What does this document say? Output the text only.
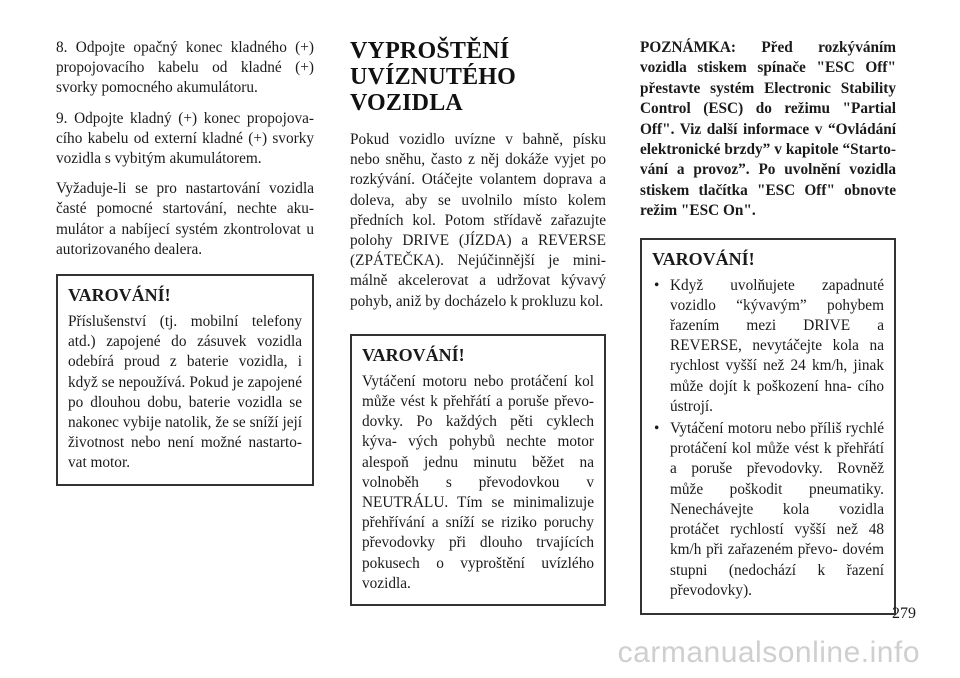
8. Odpojte opačný konec kladného (+) propojovacího kabelu od kladné (+) svorky pomocného akumulátoru.

9. Odpojte kladný (+) konec propojova- cího kabelu od externí kladné (+) svorky vozidla s vybitým akumulátorem.

Vyžaduje-li se pro nastartování vozidla časté pomocné startování, nechte aku- mulátor a nabíjecí systém zkontrolovat u autorizovaného dealera.

VAROVÁNÍ!

Příslušenství (tj. mobilní telefony atd.) zapojené do zásuvek vozidla odebírá proud z baterie vozidla, i když se nepoužívá. Pokud je zapojené po dlouhou dobu, baterie vozidla se nakonec vybije natolik, že se sníží její životnost nebo není možné nastarto- vat motor.

VYPROŠTĚNÍ
UVÍZNUTÉHO
VOZIDLA

Pokud vozidlo uvízne v bahně, písku nebo sněhu, často z něj dokáže vyjet po rozkývání. Otáčejte volantem doprava a doleva, aby se uvolnilo místo kolem předních kol. Potom střídavě zařazujte polohy DRIVE (JÍZDA) a REVERSE (ZPÁTEČKA). Nejúčinnější je mini- málně akcelerovat a udržovat kývavý pohyb, aniž by docházelo k prokluzu kol.

VAROVÁNÍ!

Vytáčení motoru nebo protáčení kol může vést k přehřátí a poruše převo- dovky. Po každých pěti cyklech kýva- vých pohybů nechte motor alespoň jednu minutu běžet na volnoběh s převodovkou v NEUTRÁLU. Tím se minimalizuje přehřívání a sníží se riziko poruchy převodovky při dlouho trvajících pokusech o vyproštění uvízlého vozidla.

POZNÁMKA: Před rozkýváním vozidla stiskem spínače "ESC Off" přestavte systém Electronic Stability Control (ESC) do režimu "Partial Off". Viz další informace v “Ovládání elektronické brzdy” v kapitole “Starto- vání a provoz”. Po uvolnění vozidla stiskem tlačítka "ESC Off" obnovte režim "ESC On".
VAROVÁNÍ!
• Když uvolňujete zapadnuté vozidlo “kývavým” pohybem řazením mezi DRIVE a REVERSE, nevytáčejte kola na rychlost vyšší než 24 km/h, jinak může dojít k poškození hna- cího ústrojí.
• Vytáčení motoru nebo příliš rychlé protáčení kol může vést k přehřátí a poruše převodovky. Rovněž může poškodit pneumatiky. Nenechávejte kola vozidla protáčet rychlostí vyšší než 48 km/h při zařazeném převo- dovém stupni (nedochází k řazení převodovky).
279
carmanualsonline.info
